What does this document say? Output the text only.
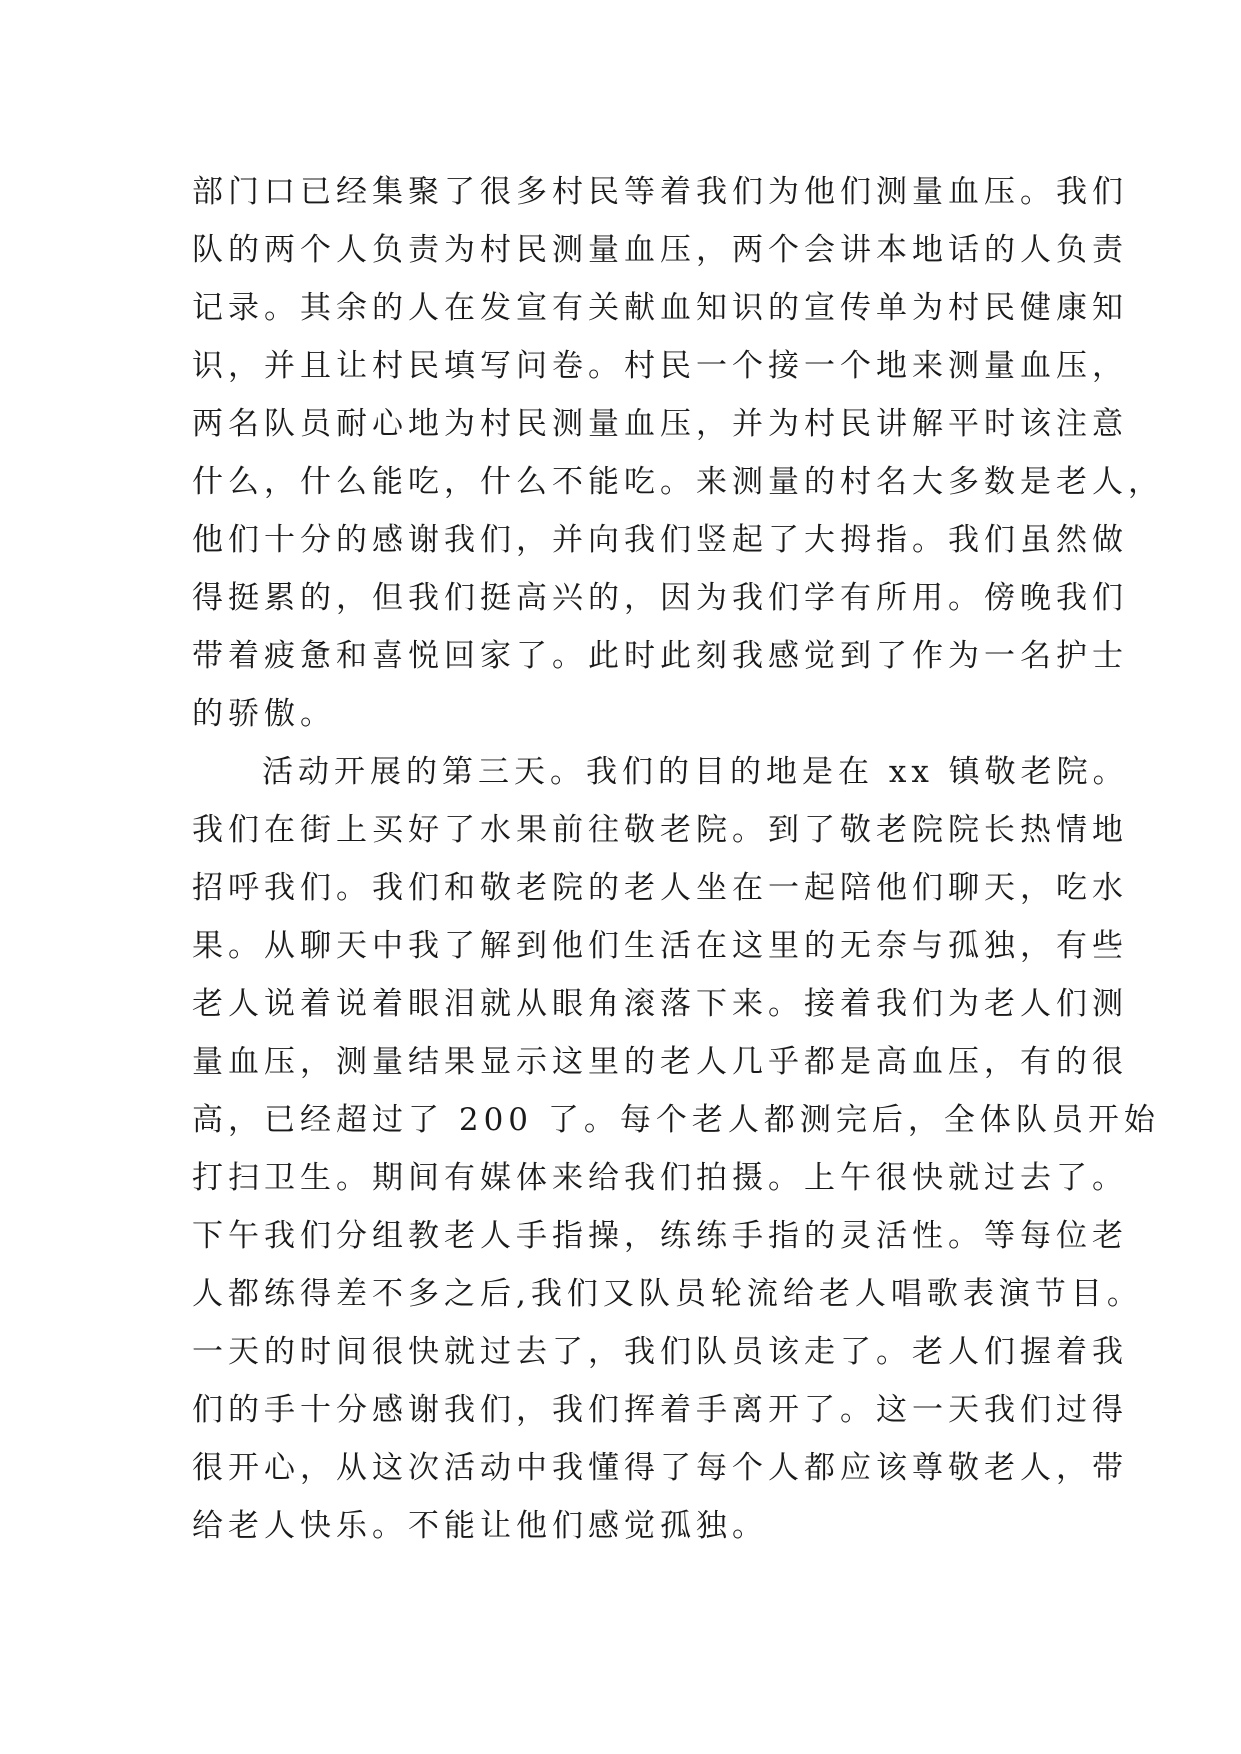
部门口已经集聚了很多村民等着我们为他们测量血压。我们
队的两个人负责为村民测量血压，两个会讲本地话的人负责
记录。其余的人在发宣有关献血知识的宣传单为村民健康知
识，并且让村民填写问卷。村民一个接一个地来测量血压，
两名队员耐心地为村民测量血压，并为村民讲解平时该注意
什么，什么能吃，什么不能吃。来测量的村名大多数是老人，
他们十分的感谢我们，并向我们竖起了大拇指。我们虽然做
得挺累的，但我们挺高兴的，因为我们学有所用。傍晚我们
带着疲惫和喜悦回家了。此时此刻我感觉到了作为一名护士
的骄傲。
活动开展的第三天。我们的目的地是在 xx 镇敬老院。
我们在街上买好了水果前往敬老院。到了敬老院院长热情地
招呼我们。我们和敬老院的老人坐在一起陪他们聊天，吃水
果。从聊天中我了解到他们生活在这里的无奈与孤独，有些
老人说着说着眼泪就从眼角滚落下来。接着我们为老人们测
量血压，测量结果显示这里的老人几乎都是高血压，有的很
高，已经超过了 200 了。每个老人都测完后，全体队员开始
打扫卫生。期间有媒体来给我们拍摄。上午很快就过去了。
下午我们分组教老人手指操，练练手指的灵活性。等每位老
人都练得差不多之后,我们又队员轮流给老人唱歌表演节目。
一天的时间很快就过去了，我们队员该走了。老人们握着我
们的手十分感谢我们，我们挥着手离开了。这一天我们过得
很开心，从这次活动中我懂得了每个人都应该尊敬老人，带
给老人快乐。不能让他们感觉孤独。
